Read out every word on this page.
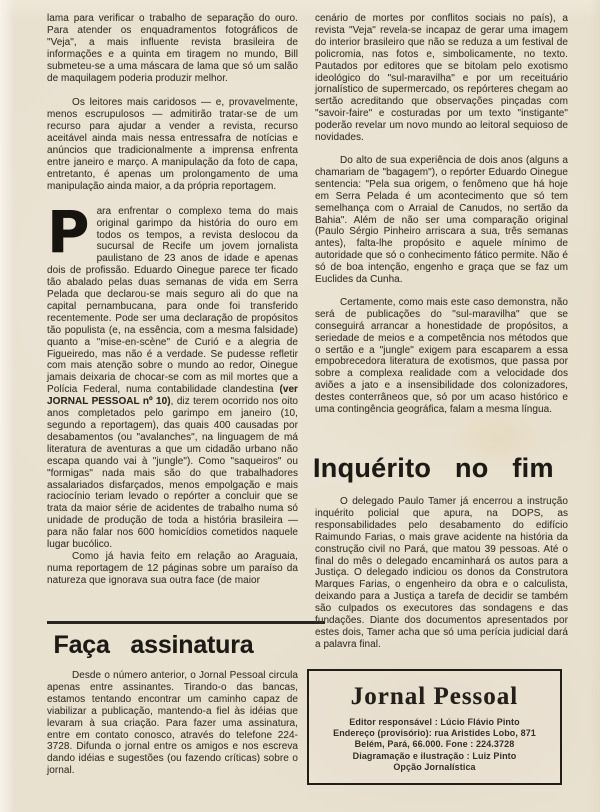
lama para verificar o trabalho de separação do ouro. Para atender os enquadramentos fotográficos de "Veja", a mais influente revista brasileira de informações e a quinta em tiragem no mundo, Bill submeteu-se a uma máscara de lama que só um salão de maquilagem poderia produzir melhor.

Os leitores mais caridosos — e, provavelmente, menos escrupulosos — admitirão tratar-se de um recurso para ajudar a vender a revista, recurso aceitável ainda mais nessa entressafra de notícias e anúncios que tradicionalmente a imprensa enfrenta entre janeiro e março. A manipulação da foto de capa, entretanto, é apenas um prolongamento de uma manipulação ainda maior, a da própria reportagem.

Para enfrentar o complexo tema do mais original garimpo da história do ouro em todos os tempos, a revista deslocou da sucursal de Recife um jovem jornalista paulistano de 23 anos de idade e apenas dois de profissão. Eduardo Oinegue parece ter ficado tão abalado pelas duas semanas de vida em Serra Pelada que declarou-se mais seguro ali do que na capital pernambucana, para onde foi transferido recentemente. Pode ser uma declaração de propósitos tão populista (e, na essência, com a mesma falsidade) quanto a "mise-en-scène" de Curió e a alegria de Figueiredo, mas não é a verdade. Se pudesse refletir com mais atenção sobre o mundo ao redor, Oinegue jamais deixaria de chocar-se com as mil mortes que a Polícia Federal, numa contabilidade clandestina (ver JORNAL PESSOAL nº 10), diz terem ocorrido nos oito anos completados pelo garimpo em janeiro (10, segundo a reportagem), das quais 400 causadas por desabamentos (ou "avalanches", na linguagem de má literatura de aventuras a que um cidadão urbano não escapa quando vai à "jungle"). Como "saqueiros" ou "formigas" nada mais são do que trabalhadores assalariados disfarçados, menos empolgação e mais raciocínio teriam levado o repórter a concluir que se trata da maior série de acidentes de trabalho numa só unidade de produção de toda a história brasileira — para não falar nos 600 homicídios cometidos naquele lugar bucólico.

Como já havia feito em relação ao Araguaia, numa reportagem de 12 páginas sobre um paraíso da natureza que ignorava sua outra face (de maior

Faça assinatura

Desde o número anterior, o Jornal Pessoal circula apenas entre assinantes. Tirando-o das bancas, estamos tentando encontrar um caminho capaz de viabilizar a publicação, mantendo-a fiel às idéias que levaram à sua criação. Para fazer uma assinatura, entre em contato conosco, através do telefone 224-3728. Difunda o jornal entre os amigos e nos escreva dando idéias e sugestões (ou fazendo críticas) sobre o jornal.

cenário de mortes por conflitos sociais no país), a revista "Veja" revela-se incapaz de gerar uma imagem do interior brasileiro que não se reduza a um festival de policromia, nas fotos e, simbolicamente, no texto. Pautados por editores que se bitolam pelo exotismo ideológico do "sul-maravilha" e por um receituário jornalístico de supermercado, os repórteres chegam ao sertão acreditando que observações pinçadas com "savoir-faire" e costuradas por um texto "instigante" poderão revelar um novo mundo ao leitoral sequioso de novidades.

Do alto de sua experiência de dois anos (alguns a chamariam de "bagagem"), o repórter Eduardo Oinegue sentencia: "Pela sua origem, o fenômeno que há hoje em Serra Pelada é um acontecimento que só tem semelhança com o Arraial de Canudos, no sertão da Bahia". Além de não ser uma comparação original (Paulo Sérgio Pinheiro arriscara a sua, três semanas antes), falta-lhe propósito e aquele mínimo de autoridade que só o conhecimento fático permite. Não é só de boa intenção, engenho e graça que se faz um Euclides da Cunha.

Certamente, como mais este caso demonstra, não será de publicações do "sul-maravilha" que se conseguirá arrancar a honestidade de propósitos, a seriedade de meios e a competência nos métodos que o sertão e a "jungle" exigem para escaparem a essa empobrecedora literatura de exotismos, que passa por sobre a complexa realidade com a velocidade dos aviões a jato e a insensibilidade dos colonizadores, destes conterrâneos que, só por um acaso histórico e uma contingência geográfica, falam a mesma língua.

Inquérito no fim

O delegado Paulo Tamer já encerrou a instrução inquérito policial que apura, na DOPS, as responsabilidades pelo desabamento do edifício Raimundo Farias, o mais grave acidente na história da construção civil no Pará, que matou 39 pessoas. Até o final do mês o delegado encaminhará os autos para a Justiça. O delegado indiciou os donos da Construtora Marques Farias, o engenheiro da obra e o calculista, deixando para a Justiça a tarefa de decidir se também são culpados os executores das sondagens e das fundações. Diante dos documentos apresentados por estes dois, Tamer acha que só uma perícia judicial dará a palavra final.

Jornal Pessoal
Editor responsável : Lúcio Flávio Pinto
Endereço (provisório): rua Aristides Lobo, 871
Belém, Pará, 66.000. Fone : 224.3728
Diagramação e ilustração : Luiz Pinto
Opção Jornalística
